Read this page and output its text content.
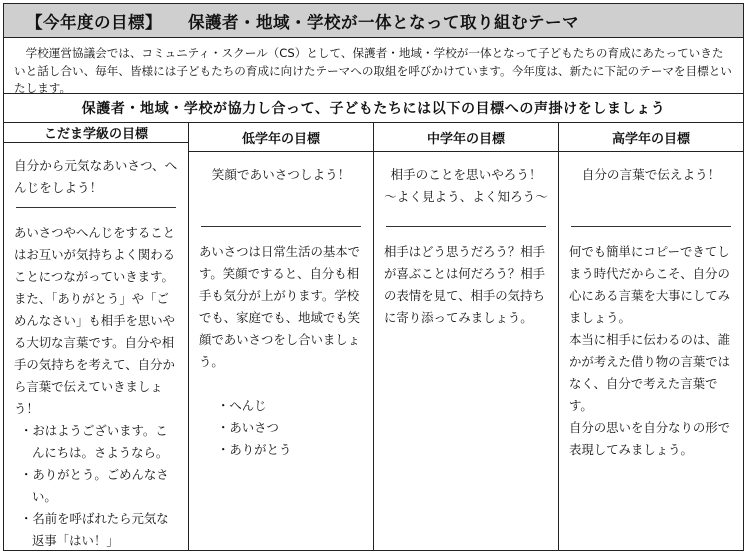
【今年度の目標】 保護者・地域・学校が一体となって取り組むテーマ
学校運営協議会では、コミュニティ・スクール（CS）として、保護者・地域・学校が一体となって子どもたちの育成にあたっていきたいと話し合い、毎年、皆様には子どもたちの育成に向けたテーマへの取組を呼びかけています。今年度は、新たに下記のテーマを目標といたします。
保護者・地域・学校が協力し合って、子どもたちには以下の目標への声掛けをしましょう
こだま学級の目標
自分から元気なあいさつ、へんじをしよう！
あいさつやへんじをすることはお互いが気持ちよく関わることにつながっていきます。また、「ありがとう」や「ごめんなさい」も相手を思いやる大切な言葉です。自分や相手の気持ちを考えて、自分から言葉で伝えていきましょう！
・おはようございます。こんにちは。さようなら。
・ありがとう。ごめんなさい。
・名前を呼ばれたら元気な返事「はい！」
低学年の目標
笑顔であいさつしよう！
あいさつは日常生活の基本です。笑顔ですると、自分も相手も気分が上がります。学校でも、家庭でも、地域でも笑顔であいさつをし合いましょう。
・へんじ
・あいさつ
・ありがとう
中学年の目標
相手のことを思いやろう！
〜よく見よう、よく知ろう〜
相手はどう思うだろう？相手が喜ぶことは何だろう？相手の表情を見て、相手の気持ちに寄り添ってみましょう。
高学年の目標
自分の言葉で伝えよう！
何でも簡単にコピーできてしまう時代だからこそ、自分の心にある言葉を大事にしてみましょう。
本当に相手に伝わるのは、誰かが考えた借り物の言葉ではなく、自分で考えた言葉です。
自分の思いを自分なりの形で表現してみましょう。
